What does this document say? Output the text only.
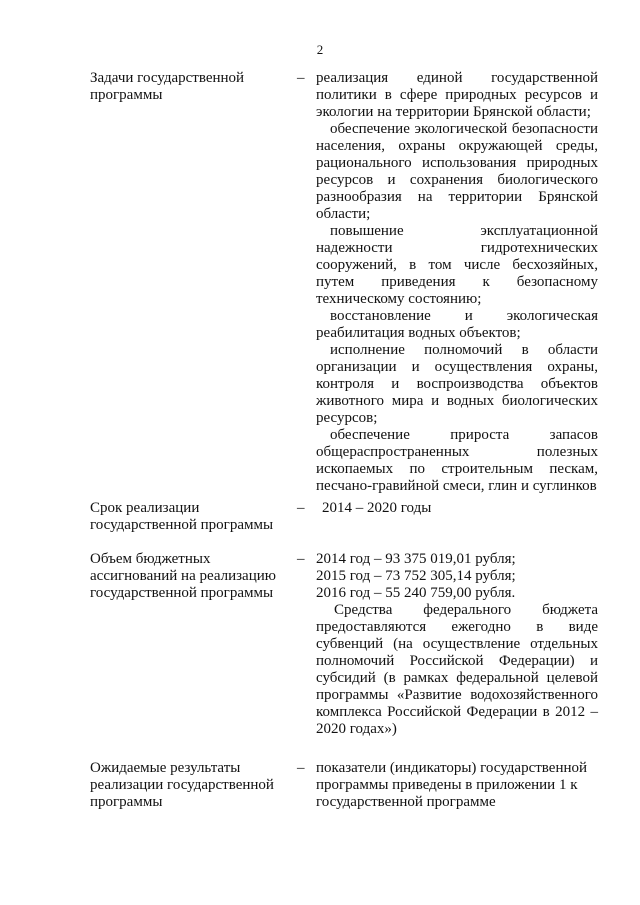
2
Задачи государственной программы
– реализация единой государственной политики в сфере природных ресурсов и экологии на территории Брянской области;

обеспечение экологической безопасности населения, охраны окружающей среды, рационального использования природных ресурсов и сохранения биологического разнообразия на территории Брянской области;

повышение эксплуатационной надежности гидротехнических сооружений, в том числе бесхозяйных, путем приведения к безопасному техническому состоянию;

восстановление и экологическая реабилитация водных объектов;

исполнение полномочий в области организации и осуществления охраны, контроля и воспроизводства объектов животного мира и водных биологических ресурсов;

обеспечение прироста запасов общераспространенных полезных ископаемых по строительным пескам, песчано-гравийной смеси, глин и суглинков

Срок реализации государственной программы
– 2014 – 2020 годы
Объем бюджетных ассигнований на реализацию государственной программы
– 2014 год – 93 375 019,01 рубля;
2015 год – 73 752 305,14 рубля;
2016 год – 55 240 759,00 рубля.

Средства федерального бюджета предоставляются ежегодно в виде субвенций (на осуществление отдельных полномочий Российской Федерации) и субсидий (в рамках федеральной целевой программы «Развитие водохозяйственного комплекса Российской Федерации в 2012 – 2020 годах»)

Ожидаемые результаты реализации государственной программы
– показатели (индикаторы) государственной программы приведены в приложении 1 к государственной программе
